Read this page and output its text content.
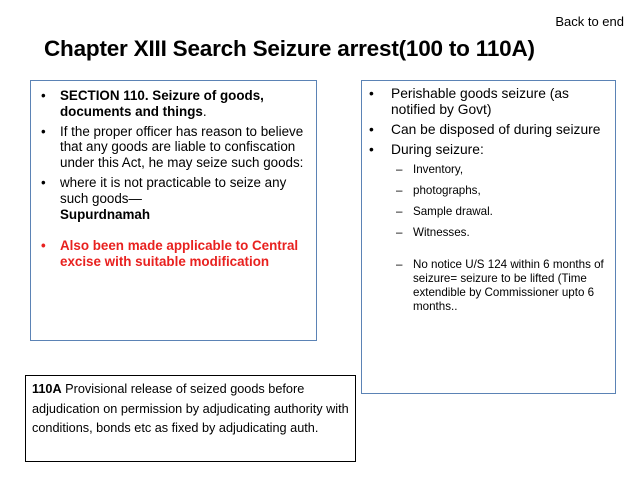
Back to end
Chapter XIII Search Seizure arrest(100 to 110A)
• SECTION 110. Seizure of goods, documents and things.
• If the proper officer has reason to believe that any goods are liable to confiscation under this Act, he may seize such goods:
• where it is not practicable to seize any such goods—
Supurdnamah
• Also been made applicable to Central excise with suitable modification
• Perishable goods seizure (as notified by Govt)
• Can be disposed of during seizure
• During seizure:
– Inventory,
– photographs,
– Sample drawal.
– Witnesses.
– No notice U/S 124 within 6 months of seizure= seizure to be lifted (Time extendible by Commissioner upto 6 months..
110A Provisional release of seized goods before adjudication on permission by adjudicating authority with conditions, bonds etc as fixed by adjudicating auth.
